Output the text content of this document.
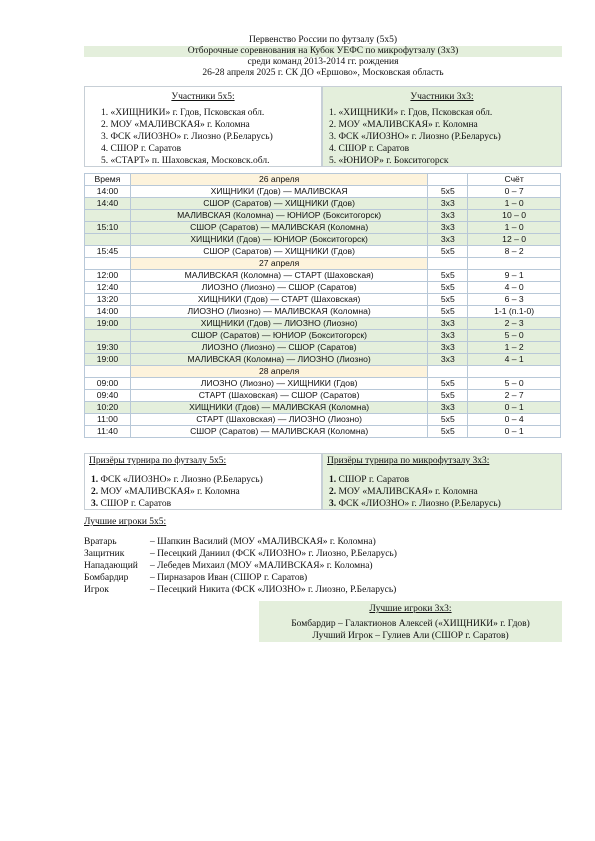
Первенство России по футзалу (5х5)
Отборочные соревнования на Кубок УЕФС по микрофутзалу (3х3)
среди команд 2013-2014 гг. рождения
26-28 апреля 2025 г. СК ДО «Ершово», Московская область
Участники 5х5:
1. «ХИЩНИКИ» г. Гдов, Псковская обл.
2. МОУ «МАЛИВСКАЯ» г. Коломна
3. ФСК «ЛИОЗНО» г. Лиозно (Р.Беларусь)
4. СШОР г. Саратов
5. «СТАРТ» п. Шаховская, Московск.обл.
Участники 3х3:
1. «ХИЩНИКИ» г. Гдов, Псковская обл.
2. МОУ «МАЛИВСКАЯ» г. Коломна
3. ФСК «ЛИОЗНО» г. Лиозно (Р.Беларусь)
4. СШОР г. Саратов
5. «ЮНИОР» г. Бокситогорск
Время	26 апреля		Счёт
14:00	ХИЩНИКИ (Гдов) — МАЛИВСКАЯ	5х5	0 – 7
14:40	СШОР (Саратов) — ХИЩНИКИ (Гдов)	3х3	1 – 0
	МАЛИВСКАЯ (Коломна) — ЮНИОР (Бокситогорск)	3х3	10 – 0
15:10	СШОР (Саратов) — МАЛИВСКАЯ (Коломна)	3х3	1 – 0
	ХИЩНИКИ (Гдов) — ЮНИОР (Бокситогорск)	3х3	12 – 0
15:45	СШОР (Саратов) — ХИЩНИКИ (Гдов)	5х5	8 – 2
	27 апреля		
12:00	МАЛИВСКАЯ (Коломна) — СТАРТ (Шаховская)	5х5	9 – 1
12:40	ЛИОЗНО (Лиозно) — СШОР (Саратов)	5х5	4 – 0
13:20	ХИЩНИКИ (Гдов) — СТАРТ (Шаховская)	5х5	6 – 3
14:00	ЛИОЗНО (Лиозно) — МАЛИВСКАЯ (Коломна)	5х5	1-1 (п.1-0)
19:00	ХИЩНИКИ (Гдов) — ЛИОЗНО (Лиозно)	3х3	2 – 3
	СШОР (Саратов) — ЮНИОР (Бокситогорск)	3х3	5 – 0
19:30	ЛИОЗНО (Лиозно) — СШОР (Саратов)	3х3	1 – 2
19:00	МАЛИВСКАЯ (Коломна) — ЛИОЗНО (Лиозно)	3х3	4 – 1
	28 апреля		
09:00	ЛИОЗНО (Лиозно) — ХИЩНИКИ (Гдов)	5х5	5 – 0
09:40	СТАРТ (Шаховская) — СШОР (Саратов)	5х5	2 – 7
10:20	ХИЩНИКИ (Гдов) — МАЛИВСКАЯ (Коломна)	3х3	0 – 1
11:00	СТАРТ (Шаховская) — ЛИОЗНО (Лиозно)	5х5	0 – 4
11:40	СШОР (Саратов) — МАЛИВСКАЯ (Коломна)	5х5	0 – 1
Призёры турнира по футзалу 5х5:
1. ФСК «ЛИОЗНО» г. Лиозно (Р.Беларусь)
2. МОУ «МАЛИВСКАЯ» г. Коломна
3. СШОР г. Саратов
Призёры турнира по микрофутзалу 3х3:
1. СШОР г. Саратов
2. МОУ «МАЛИВСКАЯ» г. Коломна
3. ФСК «ЛИОЗНО» г. Лиозно (Р.Беларусь)
Лучшие игроки 5х5:
Вратарь	– Шапкин Василий (МОУ «МАЛИВСКАЯ» г. Коломна)
Защитник	– Песецкий Даниил (ФСК «ЛИОЗНО» г. Лиозно, Р.Беларусь)
Нападающий – Лебедев Михаил (МОУ «МАЛИВСКАЯ» г. Коломна)
Бомбардир – Пирназаров Иван (СШОР г. Саратов)
Игрок	– Песецкий Никита (ФСК «ЛИОЗНО» г. Лиозно, Р.Беларусь)
Лучшие игроки 3х3:
Бомбардир – Галактионов Алексей («ХИЩНИКИ» г. Гдов)
Лучший Игрок – Гулиев Али (СШОР г. Саратов)
